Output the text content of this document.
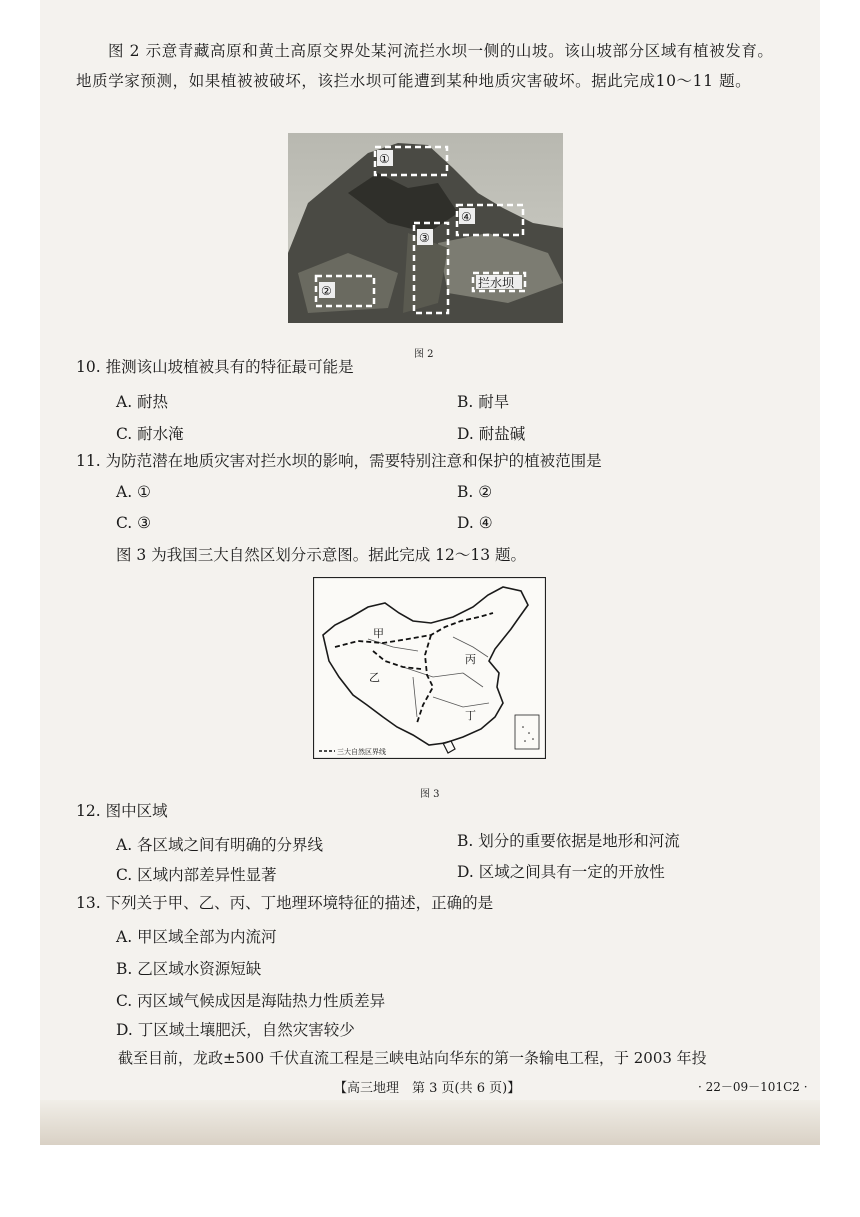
图 2 示意青藏高原和黄土高原交界处某河流拦水坝一侧的山坡。该山坡部分区域有植被发育。地质学家预测，如果植被被破坏，该拦水坝可能遭到某种地质灾害破坏。据此完成10～11 题。
①
③
④
②
拦水坝
图 2
10. 推测该山坡植被具有的特征最可能是
A. 耐热	B. 耐旱
C. 耐水淹	D. 耐盐碱
11. 为防范潜在地质灾害对拦水坝的影响，需要特别注意和保护的植被范围是
A. ①	B. ②
C. ③	D. ④
图 3 为我国三大自然区划分示意图。据此完成 12～13 题。
甲
乙
丙
丁
三大自然区界线
图 3
12. 图中区域
A. 各区域之间有明确的分界线	B. 划分的重要依据是地形和河流
C. 区域内部差异性显著	D. 区域之间具有一定的开放性
13. 下列关于甲、乙、丙、丁地理环境特征的描述，正确的是
A. 甲区域全部为内流河
B. 乙区域水资源短缺
C. 丙区域气候成因是海陆热力性质差异
D. 丁区域土壤肥沃，自然灾害较少
截至目前，龙政±500 千伏直流工程是三峡电站向华东的第一条输电工程，于 2003 年投
【高三地理　第 3 页(共 6 页)】	· 22－09－101C2 ·
